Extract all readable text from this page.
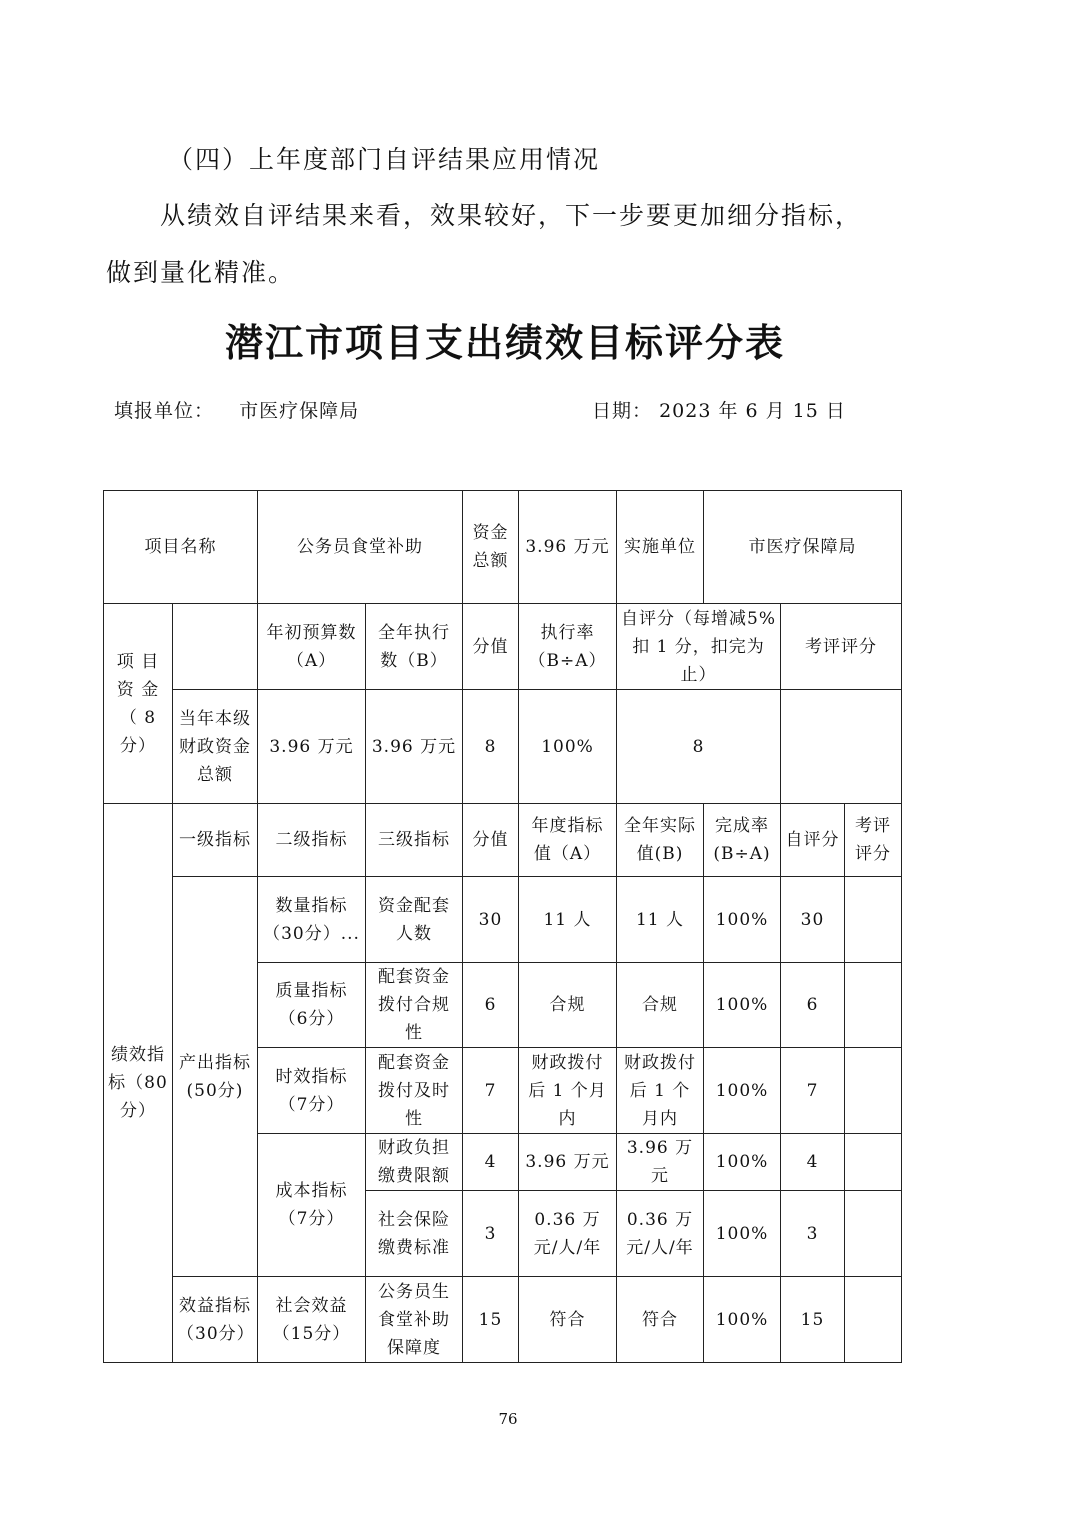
（四）上年度部门自评结果应用情况
从绩效自评结果来看，效果较好，下一步要更加细分指标，
做到量化精准。
潜江市项目支出绩效目标评分表
填报单位： 市医疗保障局	日期： 2023 年 6 月 15 日
项目名称		公务员食堂补助		资金总额	3.96 万元	实施单位	市医疗保障局		
项 目 资 金 （ 8 分）		年初预算数（A）	全年执行数（B）	分值	执行率（B÷A）	自评分（每增减5%扣 1 分，扣完为止）		考评评分	
	当年本级财政资金总额	3.96 万元	3.96 万元	8	100%	8			
绩效指标（80分）	一级指标	二级指标	三级指标	分值	年度指标值（A）	全年实际值(B)	完成率(B÷A)	自评分	考评评分
	产出指标(50分)	数量指标（30分）...	资金配套人数	30	11 人	11 人	100%	30	
		质量指标（6分）	配套资金拨付合规性	6	合规	合规	100%	6	
		时效指标（7分）	配套资金拨付及时性	7	财政拨付后 1 个月内	财政拨付后 1 个月内	100%	7	
		成本指标（7分）	财政负担缴费限额	4	3.96 万元	3.96 万元	100%	4	
			社会保险缴费标准	3	0.36 万元/人/年	0.36 万元/人/年	100%	3	
	效益指标（30分）	社会效益（15分）	公务员生食堂补助保障度	15	符合	符合	100%	15	
76
